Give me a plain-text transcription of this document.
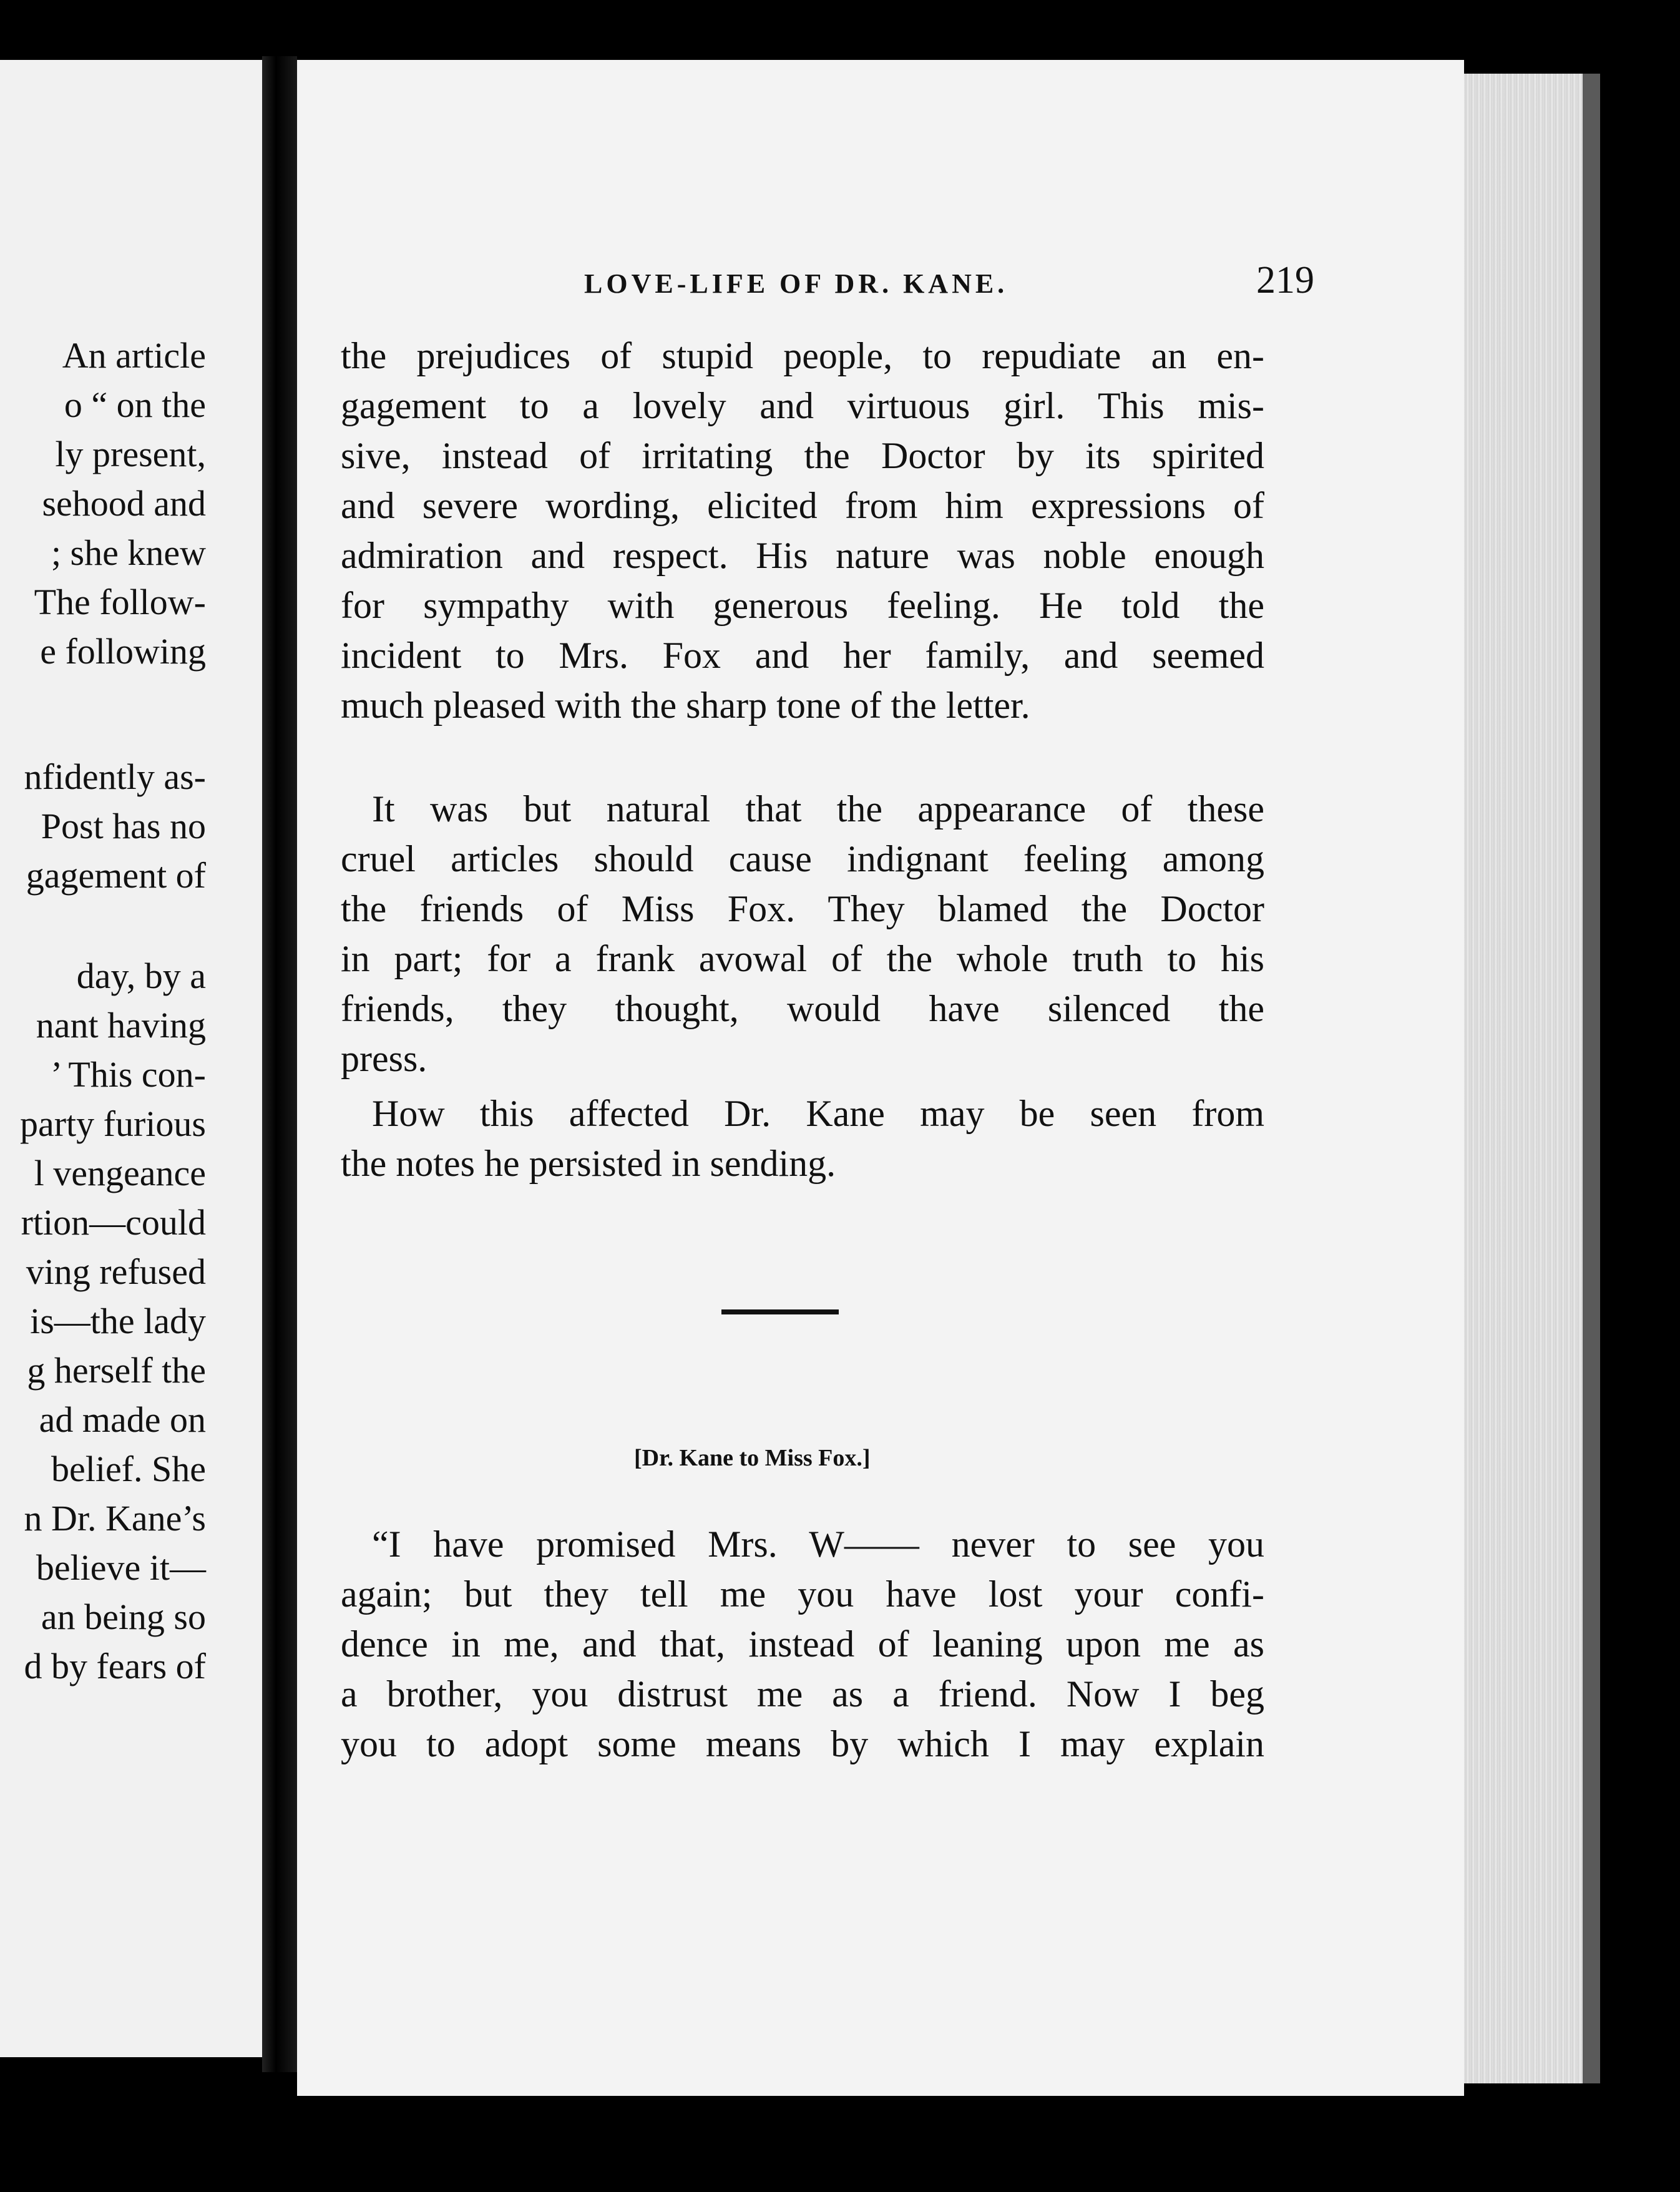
An article
o “ on the
ly present,
sehood and
; she knew
The follow-
e following
nfidently as-
Post has no
gagement of
day, by a
nant having
’ This con-
party furious
l vengeance
rtion—could
ving refused
is—the lady
g herself the
ad made on
belief. She
n Dr. Kane’s
believe it—
an being so
d by fears of
LOVE-LIFE OF DR. KANE.	219
the prejudices of stupid people, to repudiate an en-
gagement to a lovely and virtuous girl. This mis-
sive, instead of irritating the Doctor by its spirited
and severe wording, elicited from him expressions of
admiration and respect. His nature was noble enough
for sympathy with generous feeling. He told the
incident to Mrs. Fox and her family, and seemed
much pleased with the sharp tone of the letter.
It was but natural that the appearance of these
cruel articles should cause indignant feeling among
the friends of Miss Fox. They blamed the Doctor
in part; for a frank avowal of the whole truth to his
friends, they thought, would have silenced the
press.
How this affected Dr. Kane may be seen from
the notes he persisted in sending.
[Dr. Kane to Miss Fox.]
“I have promised Mrs. W—— never to see you
again; but they tell me you have lost your confi-
dence in me, and that, instead of leaning upon me as
a brother, you distrust me as a friend. Now I beg
you to adopt some means by which I may explain
